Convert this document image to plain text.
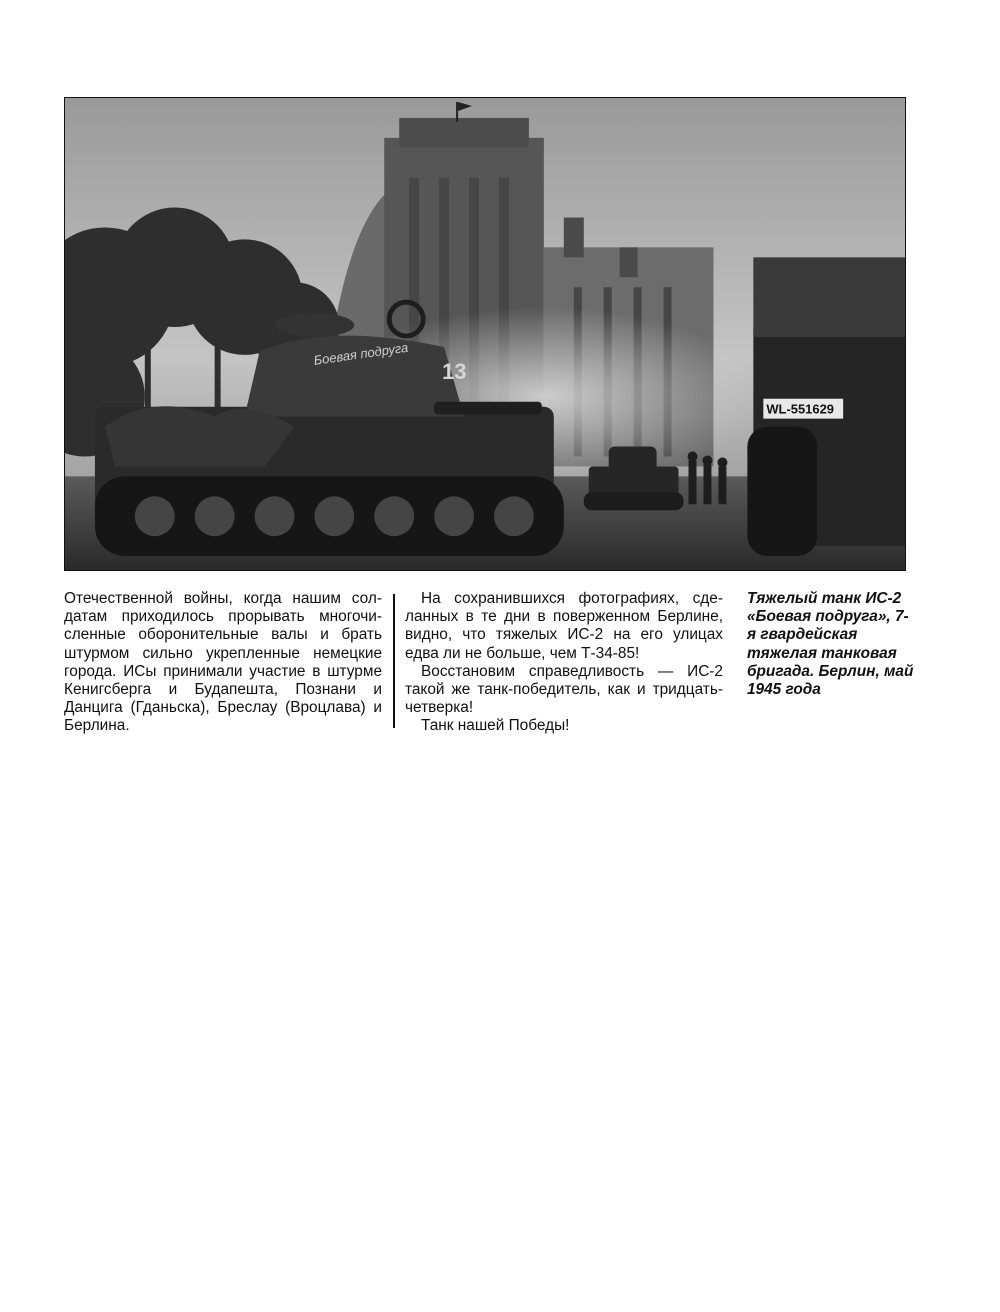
Боевая подруга
13
WL-551629

Отечественной войны, когда нашим солдатам приходилось прорывать многочисленные оборонительные валы и брать штурмом сильно укрепленные немецкие города. ИСы принимали участие в штурме Кенигсберга и Будапешта, Познани и Данцига (Гданьска), Бреслау (Вроцлава) и Берлина.

На сохранившихся фотографиях, сделанных в те дни в поверженном Берлине, видно, что тяжелых ИС-2 на его улицах едва ли не больше, чем Т-34-85!

Восстановим справедливость — ИС-2 такой же танк-победитель, как и тридцатьчетверка!

Танк нашей Победы!

Тяжелый танк ИС-2 «Боевая подруга», 7-я гвардейская тяжелая танковая бригада. Берлин, май 1945 года
